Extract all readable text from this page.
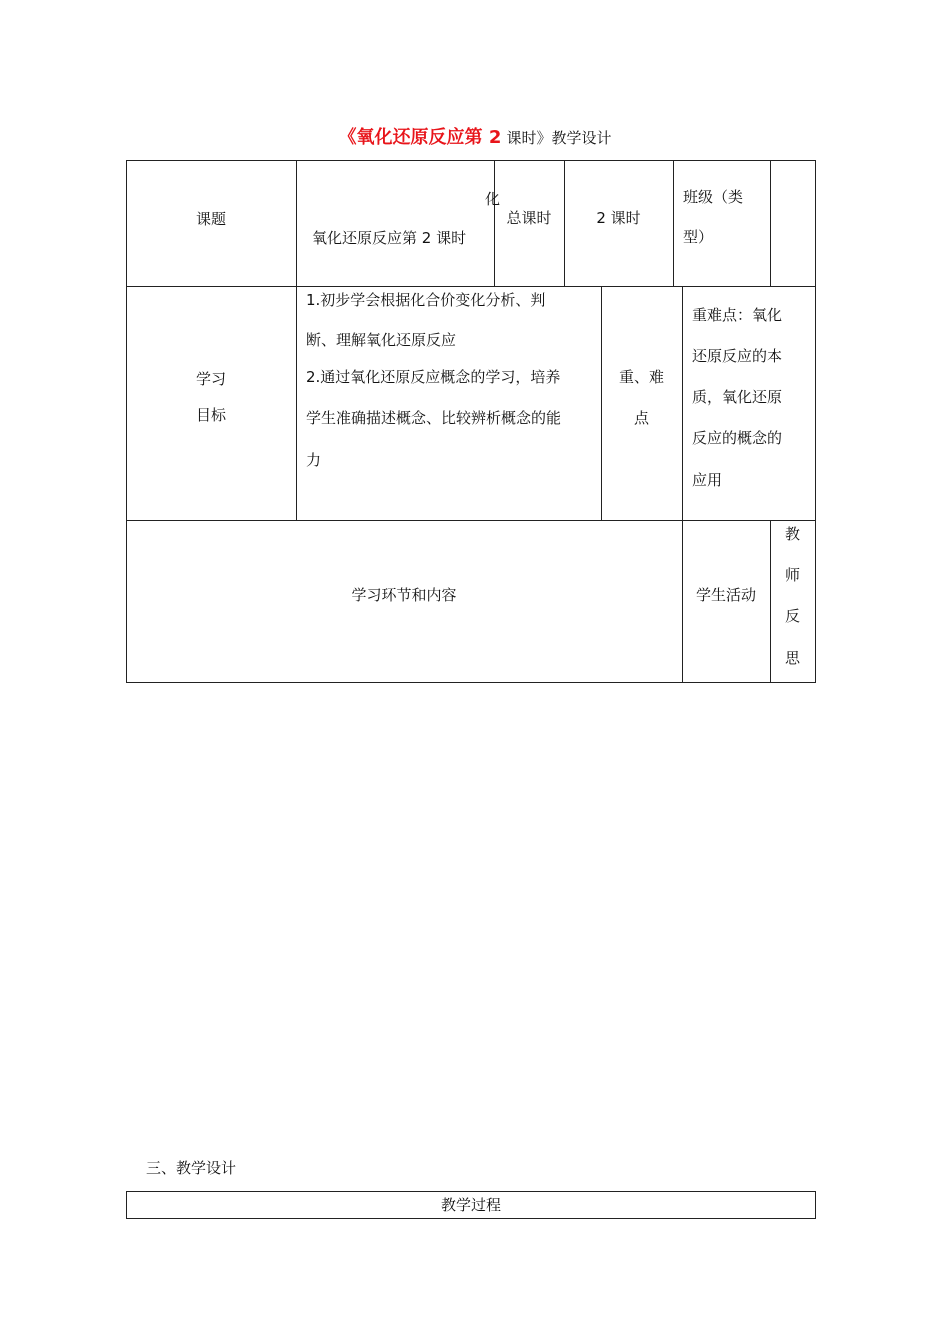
《氧化还原反应第 2 课时》教学设计
课题
化
氧化还原反应第 2 课时
总课时	2 课时
班级（类
型）
学习
目标
1.初步学会根据化合价变化分析、判
断、理解氧化还原反应
2.通过氧化还原反应概念的学习，培养
学生准确描述概念、比较辨析概念的能
力
重、难
点
重难点：氧化
还原反应的本
质，氧化还原
反应的概念的
应用
学习环节和内容	学生活动
教
师
反
思
三、教学设计
教学过程
